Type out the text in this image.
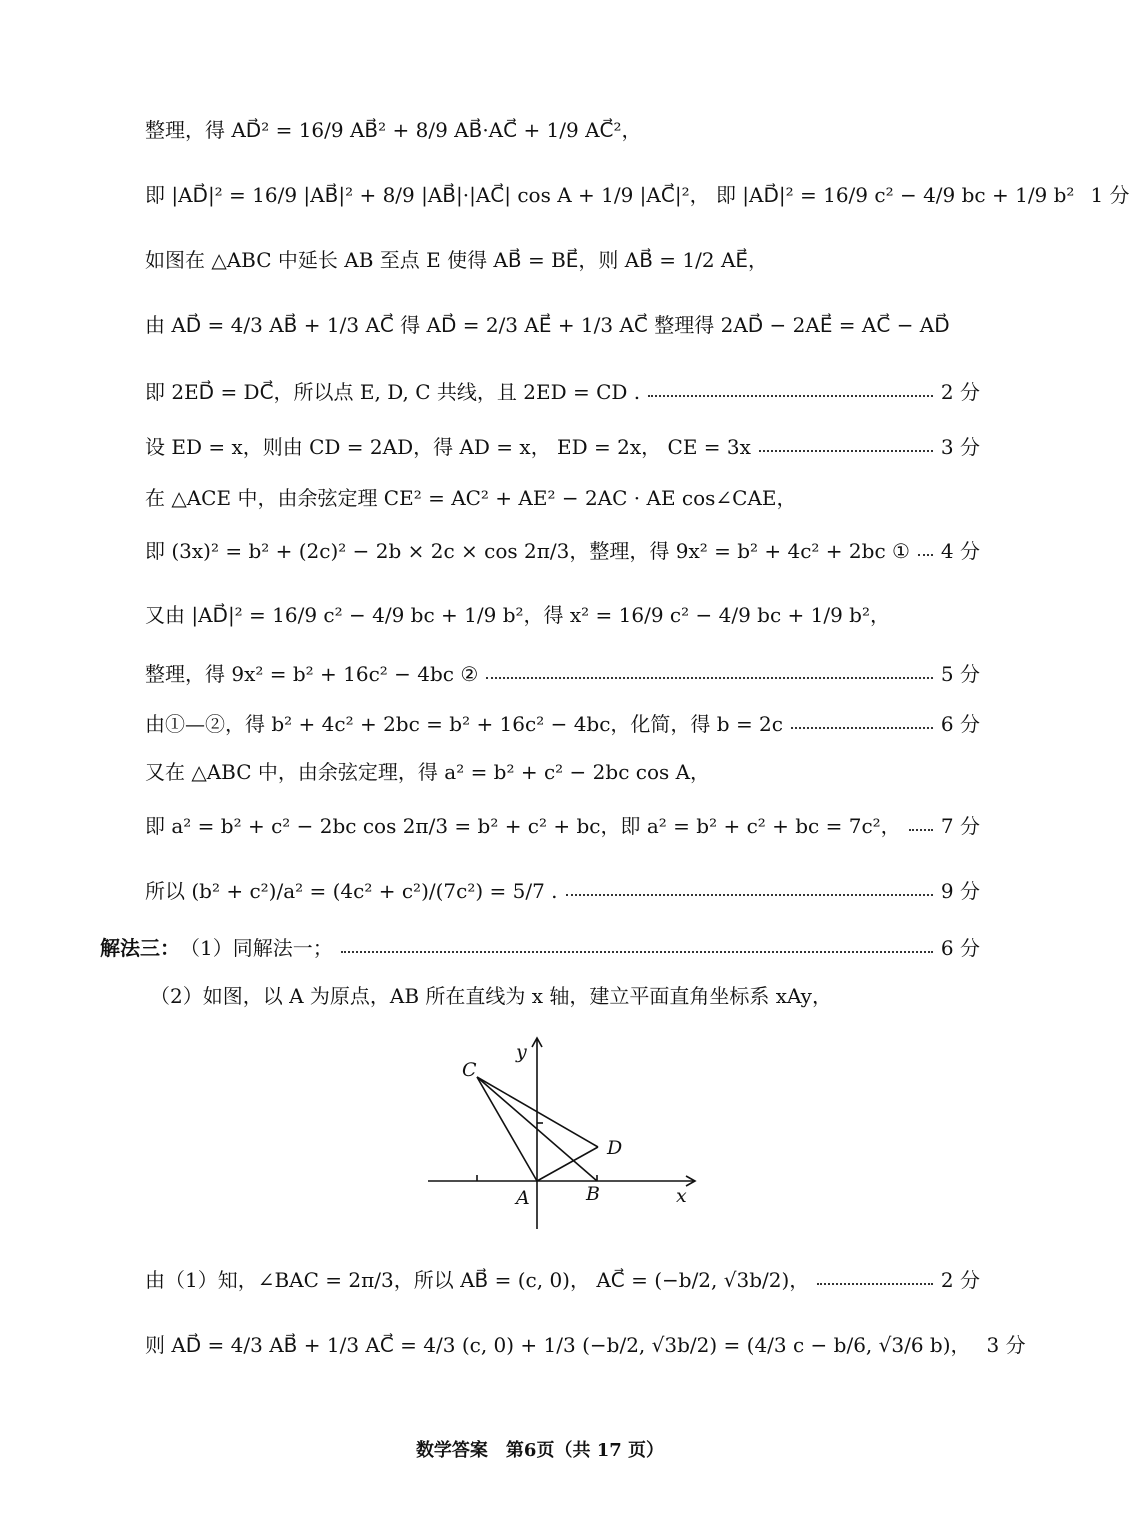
整理，得 AD⃗² = 16/9 AB⃗² + 8/9 AB⃗·AC⃗ + 1/9 AC⃗²，
即 |AD⃗|² = 16/9 |AB⃗|² + 8/9 |AB⃗|·|AC⃗| cos A + 1/9 |AC⃗|²， 即 |AD⃗|² = 16/9 c² − 4/9 bc + 1/9 b² 1 分
如图在 △ABC 中延长 AB 至点 E 使得 AB⃗ = BE⃗，则 AB⃗ = 1/2 AE⃗，
由 AD⃗ = 4/3 AB⃗ + 1/3 AC⃗ 得 AD⃗ = 2/3 AE⃗ + 1/3 AC⃗ 整理得 2AD⃗ − 2AE⃗ = AC⃗ − AD⃗
即 2ED⃗ = DC⃗，所以点 E, D, C 共线，且 2ED = CD .	2 分
设 ED = x，则由 CD = 2AD，得 AD = x， ED = 2x， CE = 3x	3 分
在 △ACE 中，由余弦定理 CE² = AC² + AE² − 2AC · AE cos∠CAE，
即 (3x)² = b² + (2c)² − 2b × 2c × cos 2π/3，整理，得 9x² = b² + 4c² + 2bc ① 4 分
又由 |AD⃗|² = 16/9 c² − 4/9 bc + 1/9 b²，得 x² = 16/9 c² − 4/9 bc + 1/9 b²，
整理，得 9x² = b² + 16c² − 4bc ②	5 分
由①—②，得 b² + 4c² + 2bc = b² + 16c² − 4bc，化简，得 b = 2c	6 分
又在 △ABC 中，由余弦定理，得 a² = b² + c² − 2bc cos A，
即 a² = b² + c² − 2bc cos 2π/3 = b² + c² + bc，即 a² = b² + c² + bc = 7c²， 7 分
所以 (b² + c²)/a² = (4c² + c²)/(7c²) = 5/7 .	9 分
解法三： （1）同解法一；	6 分
（2）如图，以 A 为原点，AB 所在直线为 x 轴，建立平面直角坐标系 xAy，
y
x
A	B
C
D
由（1）知，∠BAC = 2π/3，所以 AB⃗ = (c, 0)， AC⃗ = (−b/2, √3b/2)，	2 分
则 AD⃗ = 4/3 AB⃗ + 1/3 AC⃗ = 4/3 (c, 0) + 1/3 (−b/2, √3b/2) = (4/3 c − b/6, √3/6 b)， 3 分
数学答案　第6页（共 17 页）
